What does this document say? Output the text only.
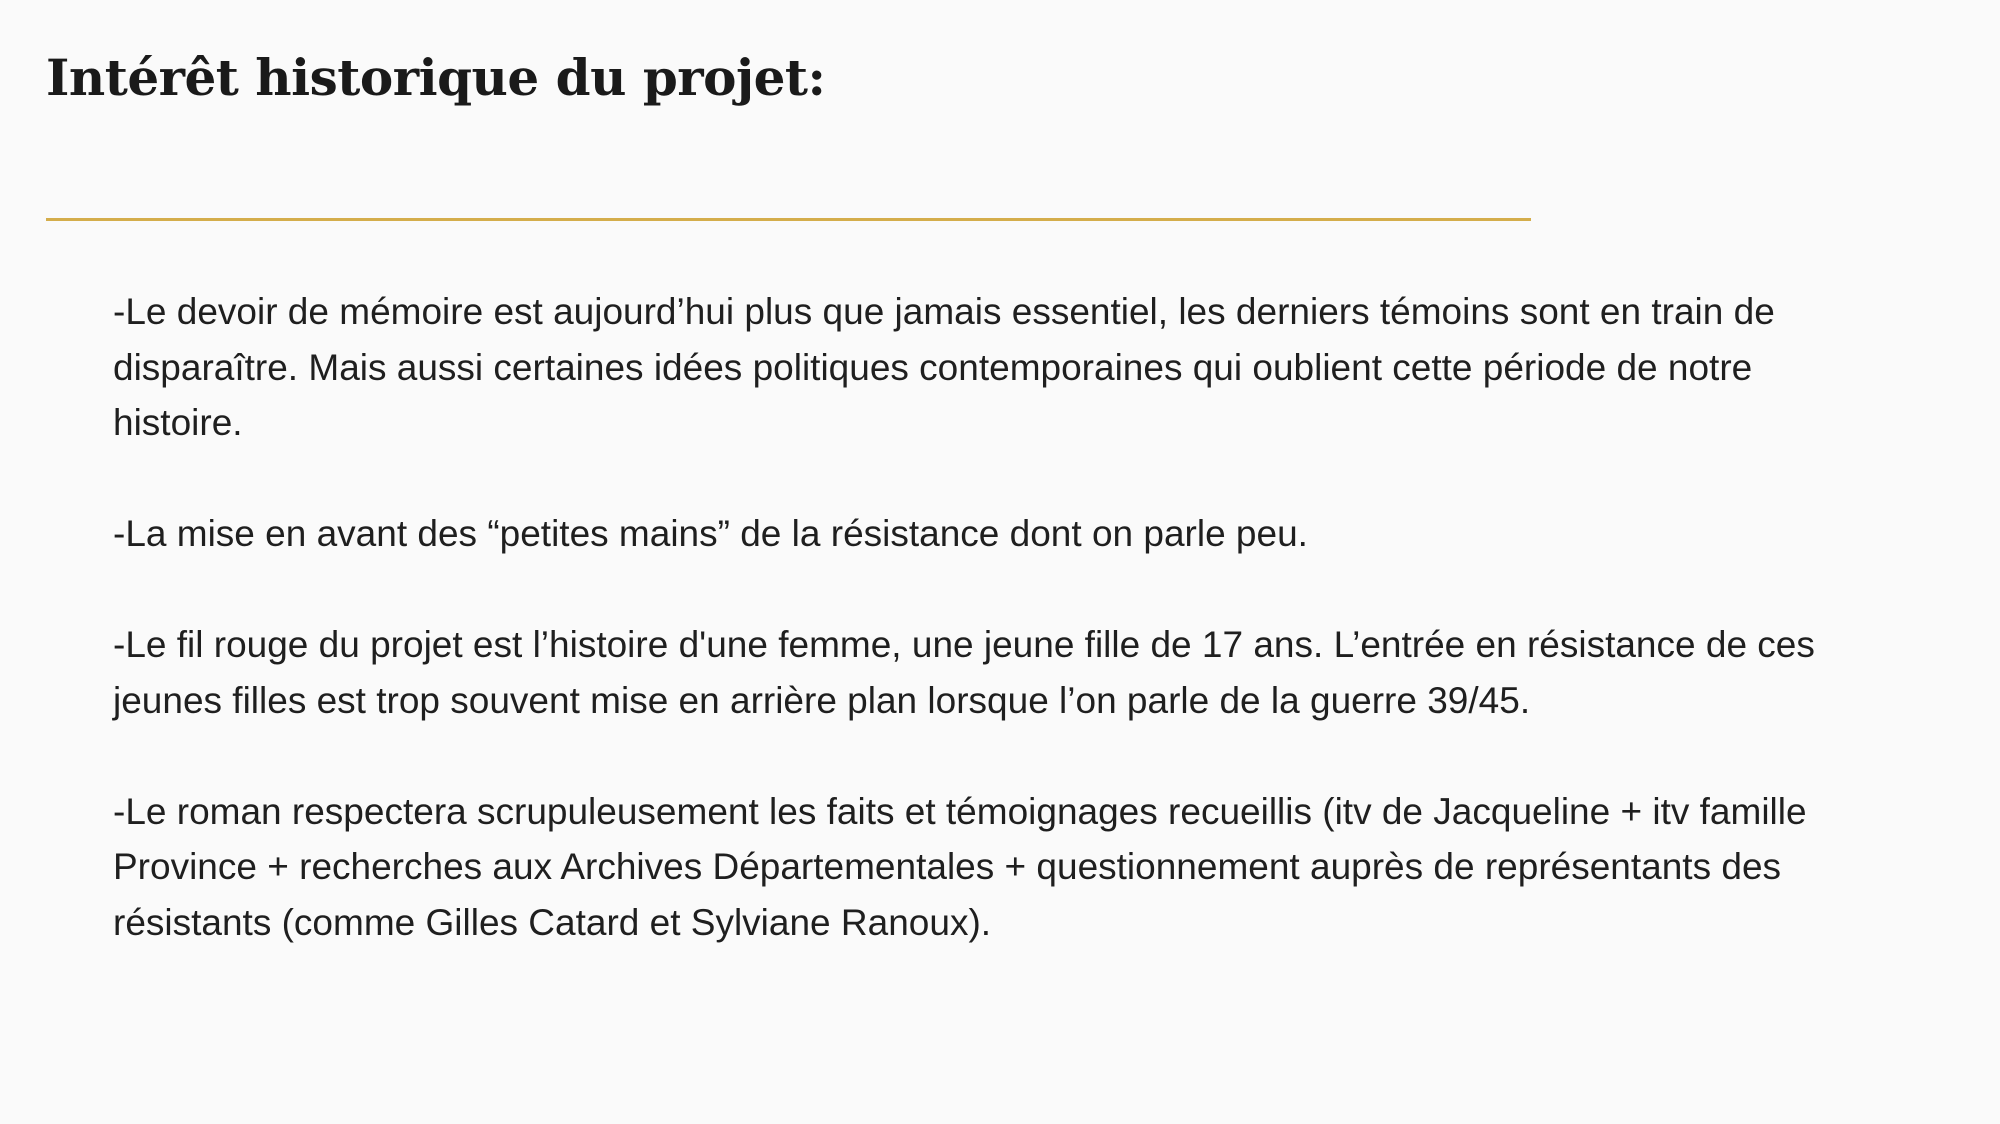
Intérêt historique du projet:

-Le devoir de mémoire est aujourd’hui plus que jamais essentiel, les derniers témoins sont en train de disparaître. Mais aussi certaines idées politiques contemporaines qui oublient cette période de notre histoire.

-La mise en avant des “petites mains” de la résistance dont on parle peu.

-Le fil rouge du projet est l’histoire d'une femme, une jeune fille de 17 ans. L’entrée en résistance de ces jeunes filles est trop souvent mise en arrière plan lorsque l’on parle de la guerre 39/45.

-Le roman respectera scrupuleusement les faits et témoignages recueillis (itv de Jacqueline + itv famille Province + recherches aux Archives Départementales + questionnement auprès de représentants des résistants (comme Gilles Catard et Sylviane Ranoux).
